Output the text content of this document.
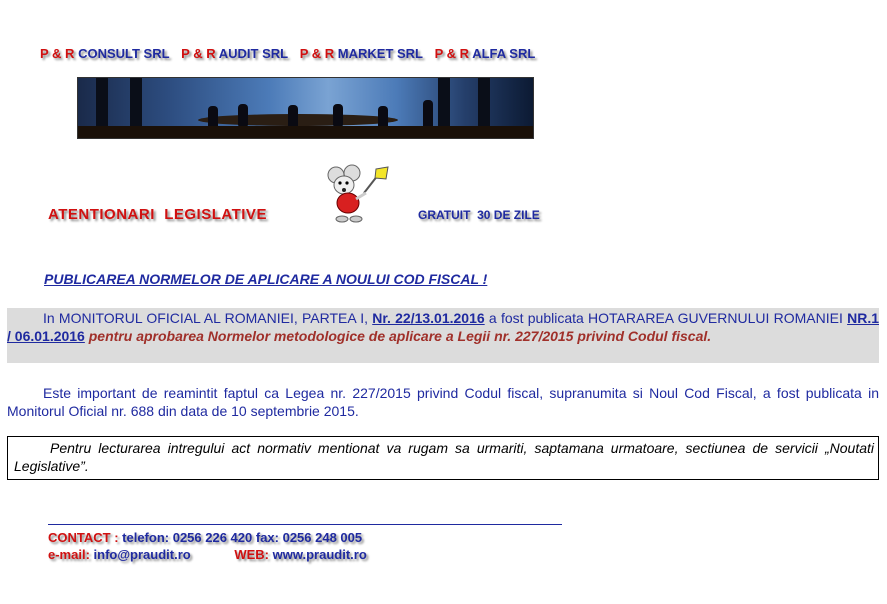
P & R CONSULT SRL P & R AUDIT SRL P & R MARKET SRL P & R ALFA SRL
ATENTIONARI  LEGISLATIVE	GRATUIT  30 DE ZILE
PUBLICAREA NORMELOR DE APLICARE A NOULUI COD FISCAL !
In MONITORUL OFICIAL AL ROMANIEI, PARTEA I, Nr. 22/13.01.2016 a fost publicata HOTARAREA GUVERNULUI ROMANIEI NR.1 / 06.01.2016 pentru aprobarea Normelor metodologice de aplicare a Legii nr. 227/2015 privind Codul fiscal.
Este important de reamintit faptul ca Legea nr. 227/2015 privind Codul fiscal, supranumita si Noul Cod Fiscal, a fost publicata in Monitorul Oficial nr. 688 din data de 10 septembrie 2015.

Pentru lecturarea intregului act normativ mentionat va rugam sa urmariti, saptamana urmatoare, sectiunea de servicii „Noutati Legislative”.

CONTACT : telefon: 0256 226 420 fax: 0256 248 005
e-mail: info@praudit.ro	WEB: www.praudit.ro
